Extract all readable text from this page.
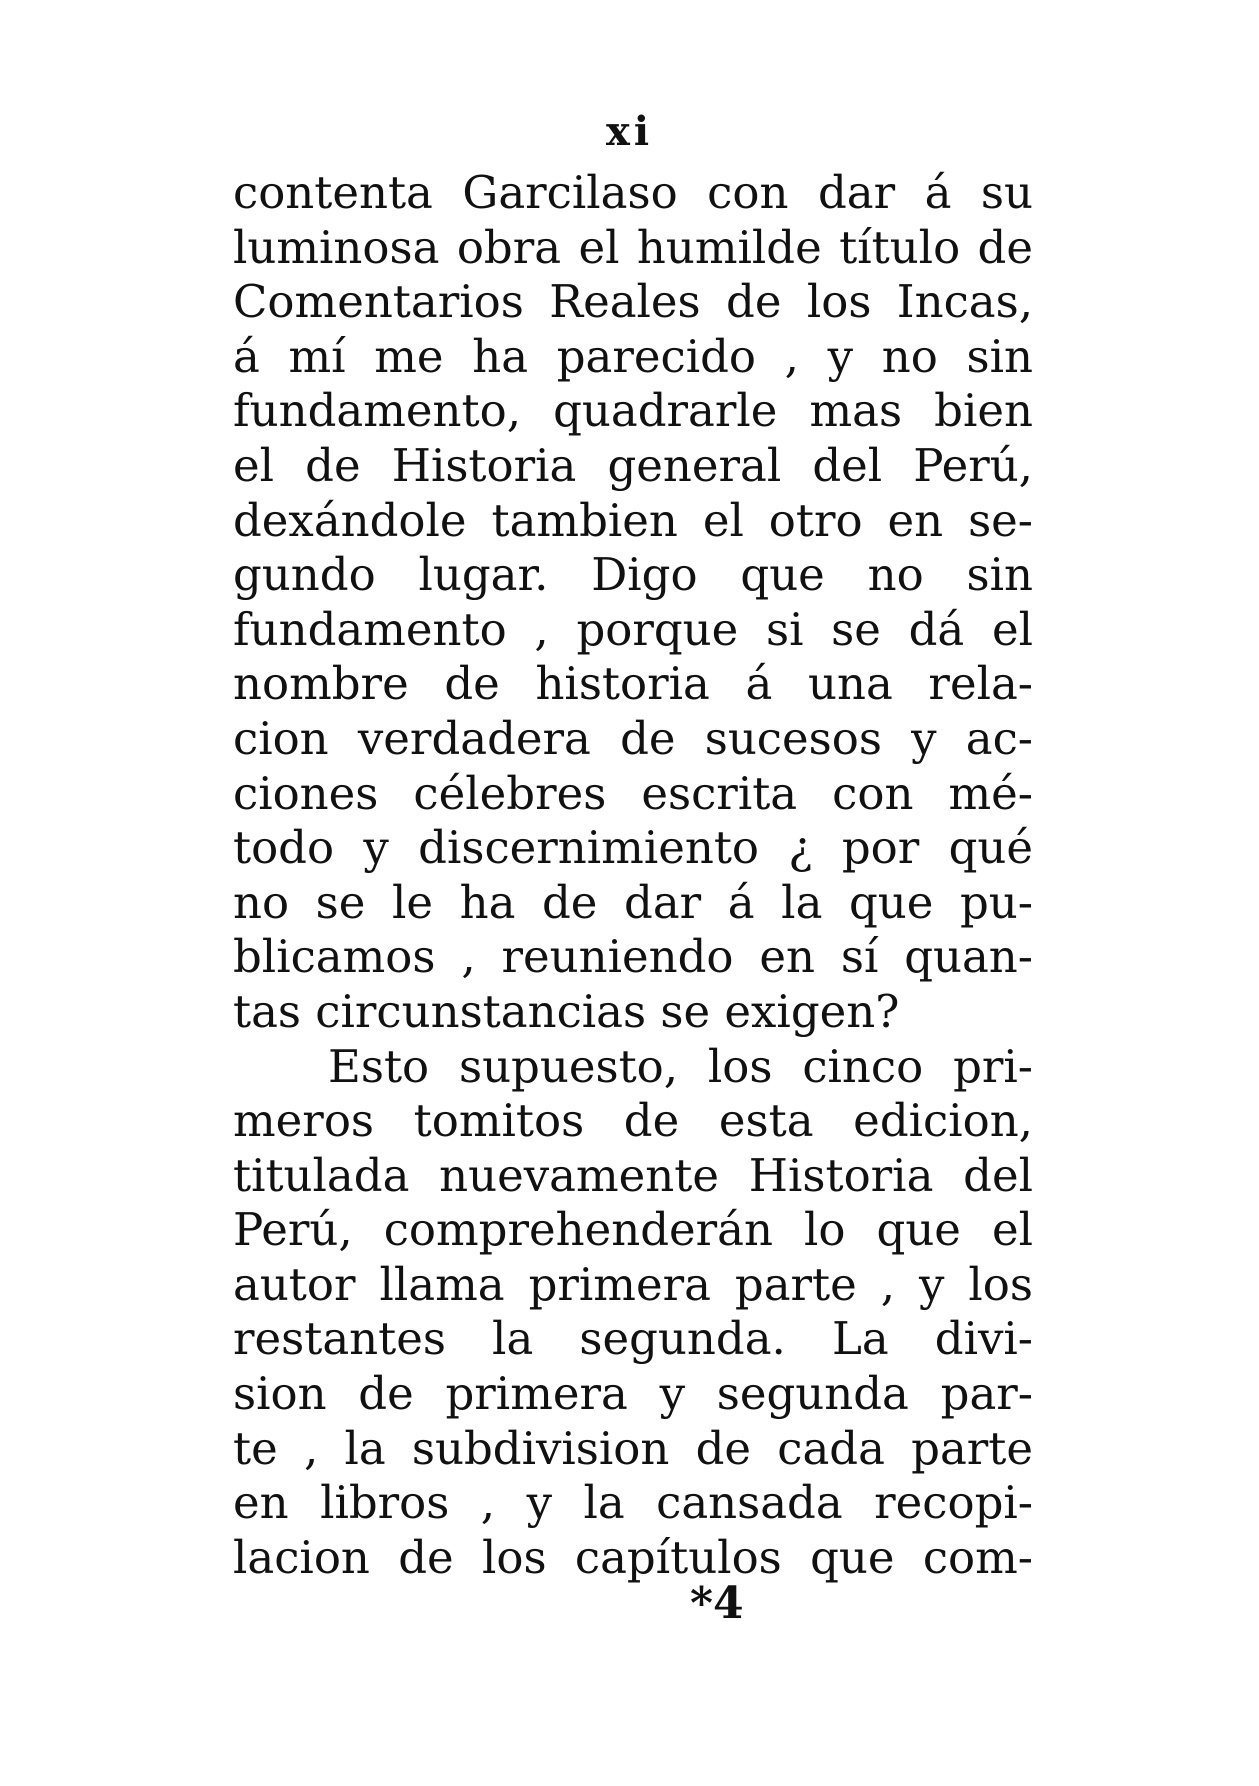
xi
contenta Garcilaso con dar á su
luminosa obra el humilde título de
Comentarios Reales de los Incas,
á mí me ha parecido , y no sin
fundamento, quadrarle mas bien
el de Historia general del Perú,
dexándole tambien el otro en se-
gundo lugar. Digo que no sin
fundamento , porque si se dá el
nombre de historia á una rela-
cion verdadera de sucesos y ac-
ciones célebres escrita con mé-
todo y discernimiento ¿ por qué
no se le ha de dar á la que pu-
blicamos , reuniendo en sí quan-
tas circunstancias se exigen?
Esto supuesto, los cinco pri-
meros tomitos de esta edicion,
titulada nuevamente Historia del
Perú, comprehenderán lo que el
autor llama primera parte , y los
restantes la segunda. La divi-
sion de primera y segunda par-
te , la subdivision de cada parte
en libros , y la cansada recopi-
lacion de los capítulos que com-
*4
